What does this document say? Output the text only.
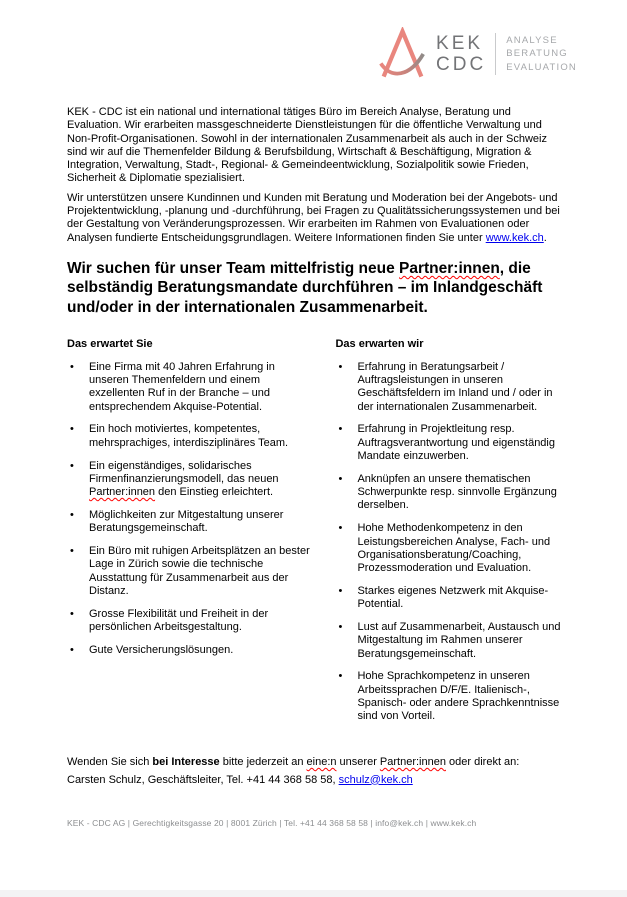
KEK
CDC
ANALYSE
BERATUNG
EVALUATION

KEK - CDC ist ein national und international tätiges Büro im Bereich Analyse, Beratung und Evaluation. Wir erarbeiten massgeschneiderte Dienstleistungen für die öffentliche Verwaltung und Non-Profit-Organisationen. Sowohl in der internationalen Zusammenarbeit als auch in der Schweiz sind wir auf die Themenfelder Bildung & Berufsbildung, Wirtschaft & Beschäftigung, Migration & Integration, Verwaltung, Stadt-, Regional- & Gemeindeentwicklung, Sozialpolitik sowie Frieden, Sicherheit & Diplomatie spezialisiert.

Wir unterstützen unsere Kundinnen und Kunden mit Beratung und Moderation bei der Angebots- und Projektentwicklung, -planung und -durchführung, bei Fragen zu Qualitätssicherungssystemen und bei der Gestaltung von Veränderungsprozessen. Wir erarbeiten im Rahmen von Evaluationen oder Analysen fundierte Entscheidungsgrundlagen. Weitere Informationen finden Sie unter www.kek.ch.

Wir suchen für unser Team mittelfristig neue Partner:innen, die selbständig Beratungsmandate durchführen – im Inlandgeschäft und/oder in der internationalen Zusammenarbeit.
Das erwartet Sie
• Eine Firma mit 40 Jahren Erfahrung in unseren Themenfeldern und einem exzellenten Ruf in der Branche – und entsprechendem Akquise-Potential.
• Ein hoch motiviertes, kompetentes, mehrsprachiges, interdisziplinäres Team.
• Ein eigenständiges, solidarisches Firmenfinanzierungsmodell, das neuen Partner:innen den Einstieg erleichtert.
• Möglichkeiten zur Mitgestaltung unserer Beratungsgemeinschaft.
• Ein Büro mit ruhigen Arbeitsplätzen an bester Lage in Zürich sowie die technische Ausstattung für Zusammenarbeit aus der Distanz.
• Grosse Flexibilität und Freiheit in der persönlichen Arbeitsgestaltung.
• Gute Versicherungslösungen.
Das erwarten wir
• Erfahrung in Beratungsarbeit / Auftragsleistungen in unseren Geschäftsfeldern im Inland und / oder in der internationalen Zusammenarbeit.
• Erfahrung in Projektleitung resp. Auftragsverantwortung und eigenständig Mandate einzuwerben.
• Anknüpfen an unsere thematischen Schwerpunkte resp. sinnvolle Ergänzung derselben.
• Hohe Methodenkompetenz in den Leistungsbereichen Analyse, Fach- und Organisationsberatung/Coaching, Prozessmoderation und Evaluation.
• Starkes eigenes Netzwerk mit Akquise-Potential.
• Lust auf Zusammenarbeit, Austausch und Mitgestaltung im Rahmen unserer Beratungsgemeinschaft.
• Hohe Sprachkompetenz in unseren Arbeitssprachen D/F/E. Italienisch-, Spanisch- oder andere Sprachkenntnisse sind von Vorteil.
Wenden Sie sich bei Interesse bitte jederzeit an eine:n unserer Partner:innen oder direkt an:
Carsten Schulz, Geschäftsleiter, Tel. +41 44 368 58 58, schulz@kek.ch
KEK - CDC AG | Gerechtigkeitsgasse 20 | 8001 Zürich | Tel. +41 44 368 58 58 | info@kek.ch | www.kek.ch
